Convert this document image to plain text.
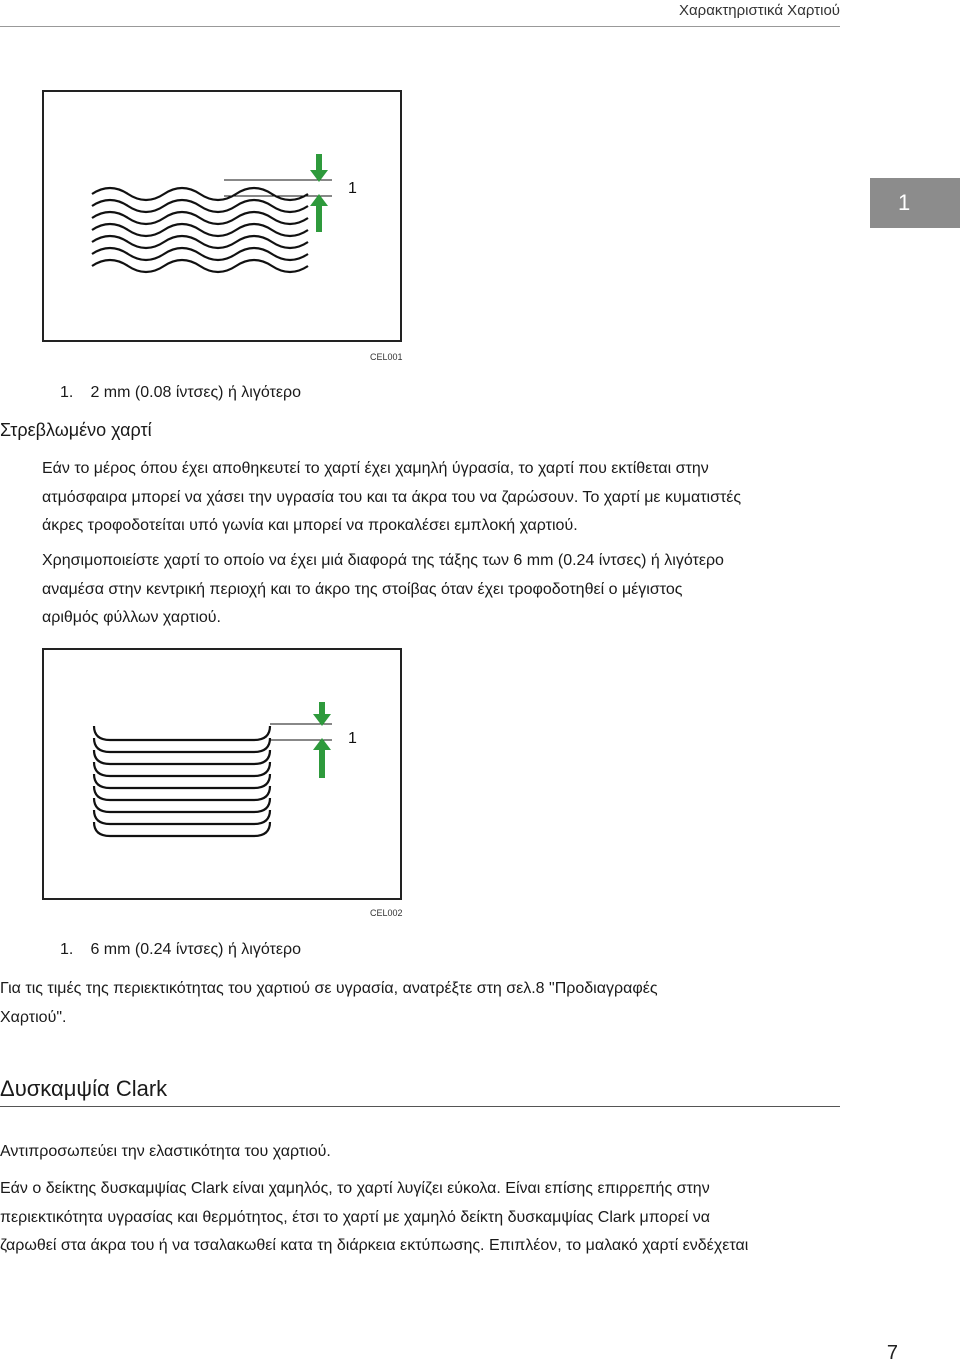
Χαρακτηριστικά Χαρτιού
1
1
CEL001
1. 2 mm (0.08 ίντσες) ή λιγότερο
Στρεβλωμένο χαρτί
Εάν το μέρος όπου έχει αποθηκευτεί το χαρτί έχει χαμηλή ύγρασία, το χαρτί που εκτίθεται στην
ατμόσφαιρα μπορεί να χάσει την υγρασία του και τα άκρα του να ζαρώσουν. Το χαρτί με κυματιστές
άκρες τροφοδοτείται υπό γωνία και μπορεί να προκαλέσει εμπλοκή χαρτιού.
Χρησιμοποιείστε χαρτί το οποίο να έχει μιά διαφορά της τάξης των 6 mm (0.24 ίντσες) ή λιγότερο
αναμέσα στην κεντρική περιοχή και το άκρο της στοίβας όταν έχει τροφοδοτηθεί ο μέγιστος
αριθμός φύλλων χαρτιού.
1
CEL002
1. 6 mm (0.24 ίντσες) ή λιγότερο
Για τις τιμές της περιεκτικότητας του χαρτιού σε υγρασία, ανατρέξτε στη σελ.8 "Προδιαγραφές
Χαρτιού".
Δυσκαμψία Clark
Αντιπροσωπεύει την ελαστικότητα του χαρτιού.
Εάν ο δείκτης δυσκαμψίας Clark είναι χαμηλός, το χαρτί λυγίζει εύκολα. Είναι επίσης επιρρεπής στην
περιεκτικότητα υγρασίας και θερμότητος, έτσι το χαρτί με χαμηλό δείκτη δυσκαμψίας Clark μπορεί να
ζαρωθεί στα άκρα του ή να τσαλακωθεί κατα τη διάρκεια εκτύπωσης. Επιπλέον, το μαλακό χαρτί ενδέχεται
7
